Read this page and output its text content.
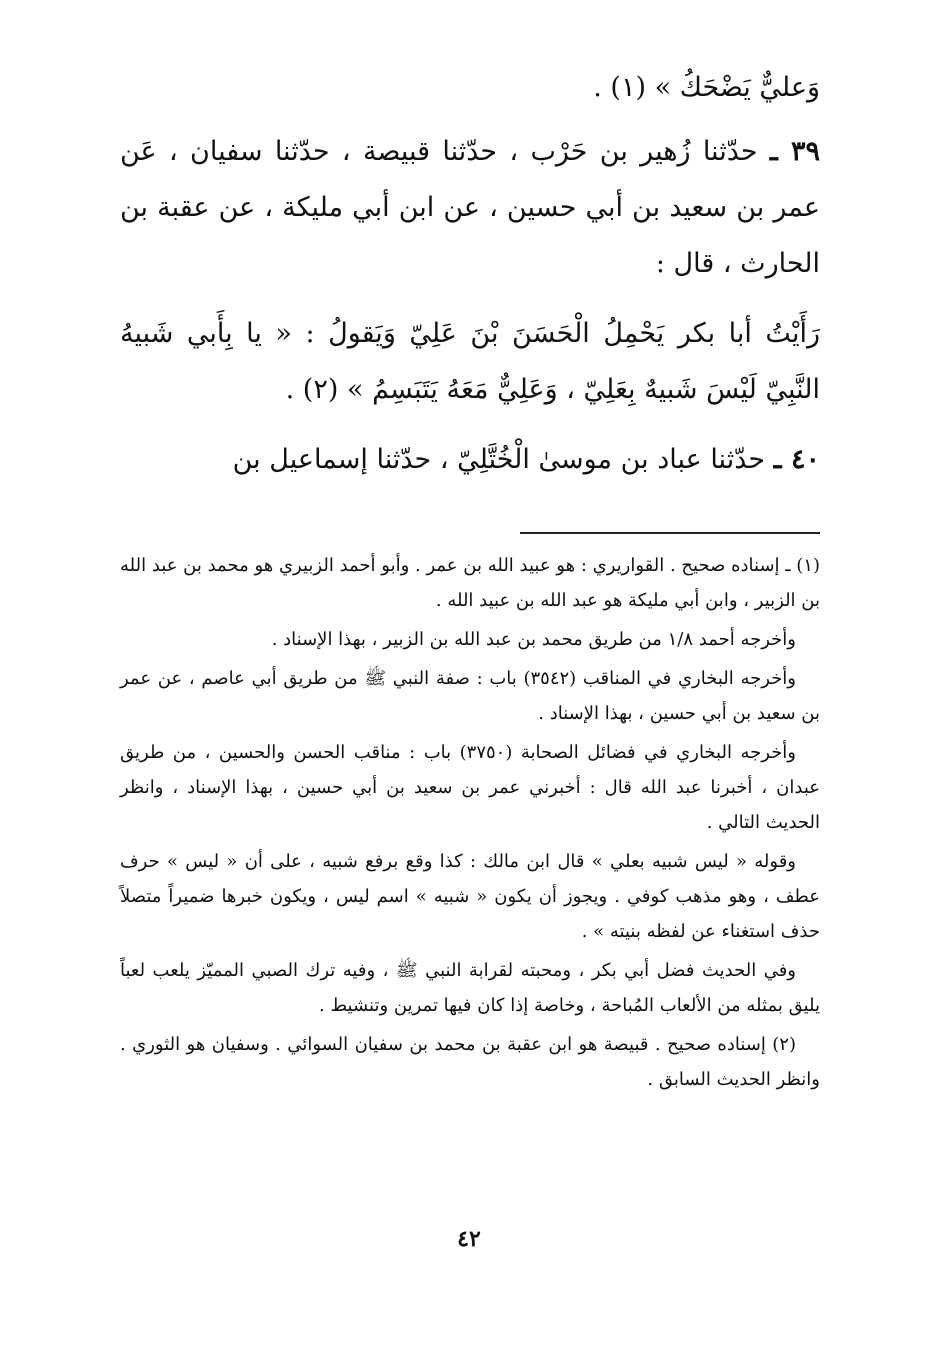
وَعليٌّ يَضْحَكُ » (١) .

٣٩ ـ حدّثنا زُهير بن حَرْب ، حدّثنا قبيصة ، حدّثنا سفيان ، عَن عمر بن سعيد بن أبي حسين ، عن ابن أبي مليكة ، عن عقبة بن الحارث ، قال :

رَأَيْتُ أبا بكر يَحْمِلُ الْحَسَنَ بْنَ عَلِيّ وَيَقولُ : « يا بِأَبي شَبيهُ النَّبِيّ لَيْسَ شَبيهٌ بِعَلِيّ ، وَعَلِيٌّ مَعَهُ يَتَبَسِمُ » (٢) .

٤٠ ـ حدّثنا عباد بن موسىٰ الْخُتَّلِيّ ، حدّثنا إسماعيل بن

(١) ـ إسناده صحيح . القواريري : هو عبيد الله بن عمر . وأبو أحمد الزبيري هو محمد بن عبد الله بن الزبير ، وابن أبي مليكة هو عبد الله بن عبيد الله .

وأخرجه أحمد ١/٨ من طريق محمد بن عبد الله بن الزبير ، بهذا الإسناد .

وأخرجه البخاري في المناقب (٣٥٤٢) باب : صفة النبي ﷺ من طريق أبي عاصم ، عن عمر بن سعيد بن أبي حسين ، بهذا الإسناد .

وأخرجه البخاري في فضائل الصحابة (٣٧٥٠) باب : مناقب الحسن والحسين ، من طريق عبدان ، أخبرنا عبد الله قال : أخبرني عمر بن سعيد بن أبي حسين ، بهذا الإسناد ، وانظر الحديث التالي .

وقوله « ليس شبيه بعلي » قال ابن مالك : كذا وقع برفع شبيه ، على أن « ليس » حرف عطف ، وهو مذهب كوفي . ويجوز أن يكون « شبيه » اسم ليس ، ويكون خبرها ضميراً متصلاً حذف استغناء عن لفظه بنيته » .

وفي الحديث فضل أبي بكر ، ومحبته لقرابة النبي ﷺ ، وفيه ترك الصبي المميّز يلعب لعباً يليق بمثله من الألعاب المُباحة ، وخاصة إذا كان فيها تمرين وتنشيط .

(٢) إسناده صحيح . قبيصة هو ابن عقبة بن محمد بن سفيان السوائي . وسفيان هو الثوري . وانظر الحديث السابق .

٤٢
